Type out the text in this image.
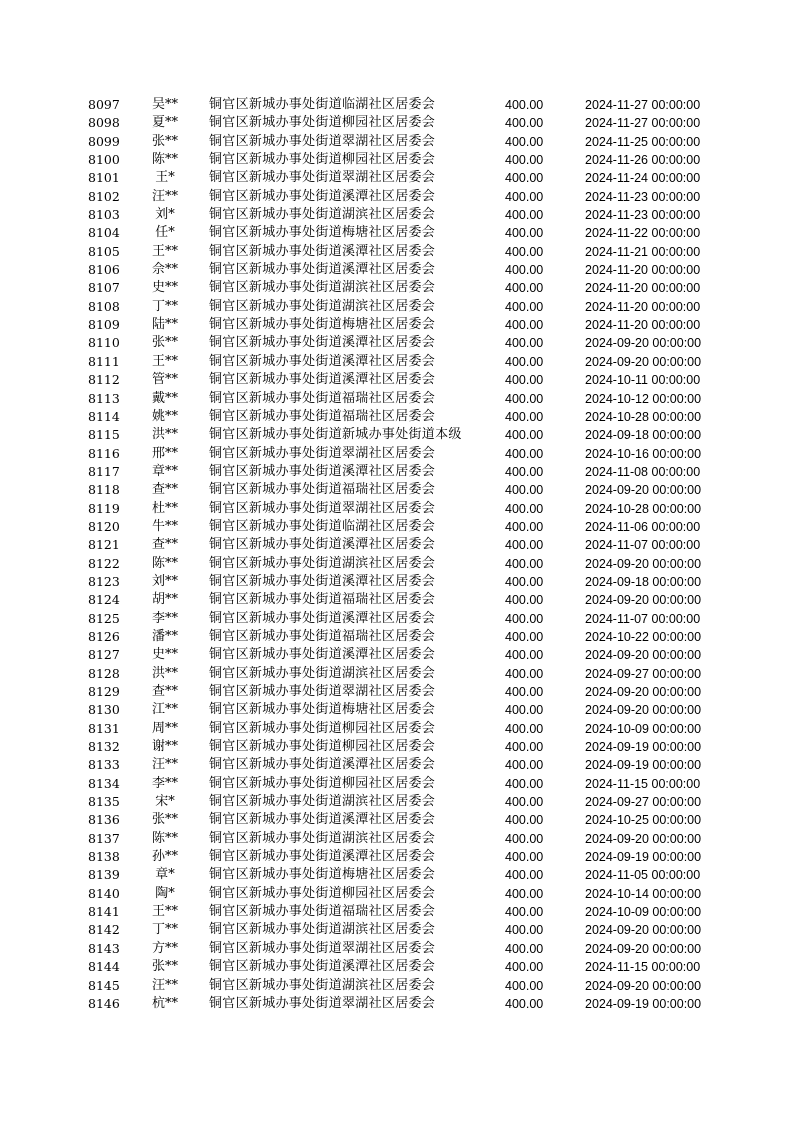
8097	吴**	铜官区新城办事处街道临湖社区居委会	400.00	2024-11-27 00:00:00
8098	夏**	铜官区新城办事处街道柳园社区居委会	400.00	2024-11-27 00:00:00
8099	张**	铜官区新城办事处街道翠湖社区居委会	400.00	2024-11-25 00:00:00
8100	陈**	铜官区新城办事处街道柳园社区居委会	400.00	2024-11-26 00:00:00
8101	王*	铜官区新城办事处街道翠湖社区居委会	400.00	2024-11-24 00:00:00
8102	汪**	铜官区新城办事处街道溪潭社区居委会	400.00	2024-11-23 00:00:00
8103	刘*	铜官区新城办事处街道湖滨社区居委会	400.00	2024-11-23 00:00:00
8104	任*	铜官区新城办事处街道梅塘社区居委会	400.00	2024-11-22 00:00:00
8105	王**	铜官区新城办事处街道溪潭社区居委会	400.00	2024-11-21 00:00:00
8106	佘**	铜官区新城办事处街道溪潭社区居委会	400.00	2024-11-20 00:00:00
8107	史**	铜官区新城办事处街道湖滨社区居委会	400.00	2024-11-20 00:00:00
8108	丁**	铜官区新城办事处街道湖滨社区居委会	400.00	2024-11-20 00:00:00
8109	陆**	铜官区新城办事处街道梅塘社区居委会	400.00	2024-11-20 00:00:00
8110	张**	铜官区新城办事处街道溪潭社区居委会	400.00	2024-09-20 00:00:00
8111	王**	铜官区新城办事处街道溪潭社区居委会	400.00	2024-09-20 00:00:00
8112	管**	铜官区新城办事处街道溪潭社区居委会	400.00	2024-10-11 00:00:00
8113	戴**	铜官区新城办事处街道福瑞社区居委会	400.00	2024-10-12 00:00:00
8114	姚**	铜官区新城办事处街道福瑞社区居委会	400.00	2024-10-28 00:00:00
8115	洪**	铜官区新城办事处街道新城办事处街道本级	400.00	2024-09-18 00:00:00
8116	邢**	铜官区新城办事处街道翠湖社区居委会	400.00	2024-10-16 00:00:00
8117	章**	铜官区新城办事处街道溪潭社区居委会	400.00	2024-11-08 00:00:00
8118	查**	铜官区新城办事处街道福瑞社区居委会	400.00	2024-09-20 00:00:00
8119	杜**	铜官区新城办事处街道翠湖社区居委会	400.00	2024-10-28 00:00:00
8120	牛**	铜官区新城办事处街道临湖社区居委会	400.00	2024-11-06 00:00:00
8121	查**	铜官区新城办事处街道溪潭社区居委会	400.00	2024-11-07 00:00:00
8122	陈**	铜官区新城办事处街道湖滨社区居委会	400.00	2024-09-20 00:00:00
8123	刘**	铜官区新城办事处街道溪潭社区居委会	400.00	2024-09-18 00:00:00
8124	胡**	铜官区新城办事处街道福瑞社区居委会	400.00	2024-09-20 00:00:00
8125	李**	铜官区新城办事处街道溪潭社区居委会	400.00	2024-11-07 00:00:00
8126	潘**	铜官区新城办事处街道福瑞社区居委会	400.00	2024-10-22 00:00:00
8127	史**	铜官区新城办事处街道溪潭社区居委会	400.00	2024-09-20 00:00:00
8128	洪**	铜官区新城办事处街道湖滨社区居委会	400.00	2024-09-27 00:00:00
8129	查**	铜官区新城办事处街道翠湖社区居委会	400.00	2024-09-20 00:00:00
8130	江**	铜官区新城办事处街道梅塘社区居委会	400.00	2024-09-20 00:00:00
8131	周**	铜官区新城办事处街道柳园社区居委会	400.00	2024-10-09 00:00:00
8132	谢**	铜官区新城办事处街道柳园社区居委会	400.00	2024-09-19 00:00:00
8133	汪**	铜官区新城办事处街道溪潭社区居委会	400.00	2024-09-19 00:00:00
8134	李**	铜官区新城办事处街道柳园社区居委会	400.00	2024-11-15 00:00:00
8135	宋*	铜官区新城办事处街道湖滨社区居委会	400.00	2024-09-27 00:00:00
8136	张**	铜官区新城办事处街道溪潭社区居委会	400.00	2024-10-25 00:00:00
8137	陈**	铜官区新城办事处街道湖滨社区居委会	400.00	2024-09-20 00:00:00
8138	孙**	铜官区新城办事处街道溪潭社区居委会	400.00	2024-09-19 00:00:00
8139	章*	铜官区新城办事处街道梅塘社区居委会	400.00	2024-11-05 00:00:00
8140	陶*	铜官区新城办事处街道柳园社区居委会	400.00	2024-10-14 00:00:00
8141	王**	铜官区新城办事处街道福瑞社区居委会	400.00	2024-10-09 00:00:00
8142	丁**	铜官区新城办事处街道湖滨社区居委会	400.00	2024-09-20 00:00:00
8143	方**	铜官区新城办事处街道翠湖社区居委会	400.00	2024-09-20 00:00:00
8144	张**	铜官区新城办事处街道溪潭社区居委会	400.00	2024-11-15 00:00:00
8145	汪**	铜官区新城办事处街道湖滨社区居委会	400.00	2024-09-20 00:00:00
8146	杭**	铜官区新城办事处街道翠湖社区居委会	400.00	2024-09-19 00:00:00
